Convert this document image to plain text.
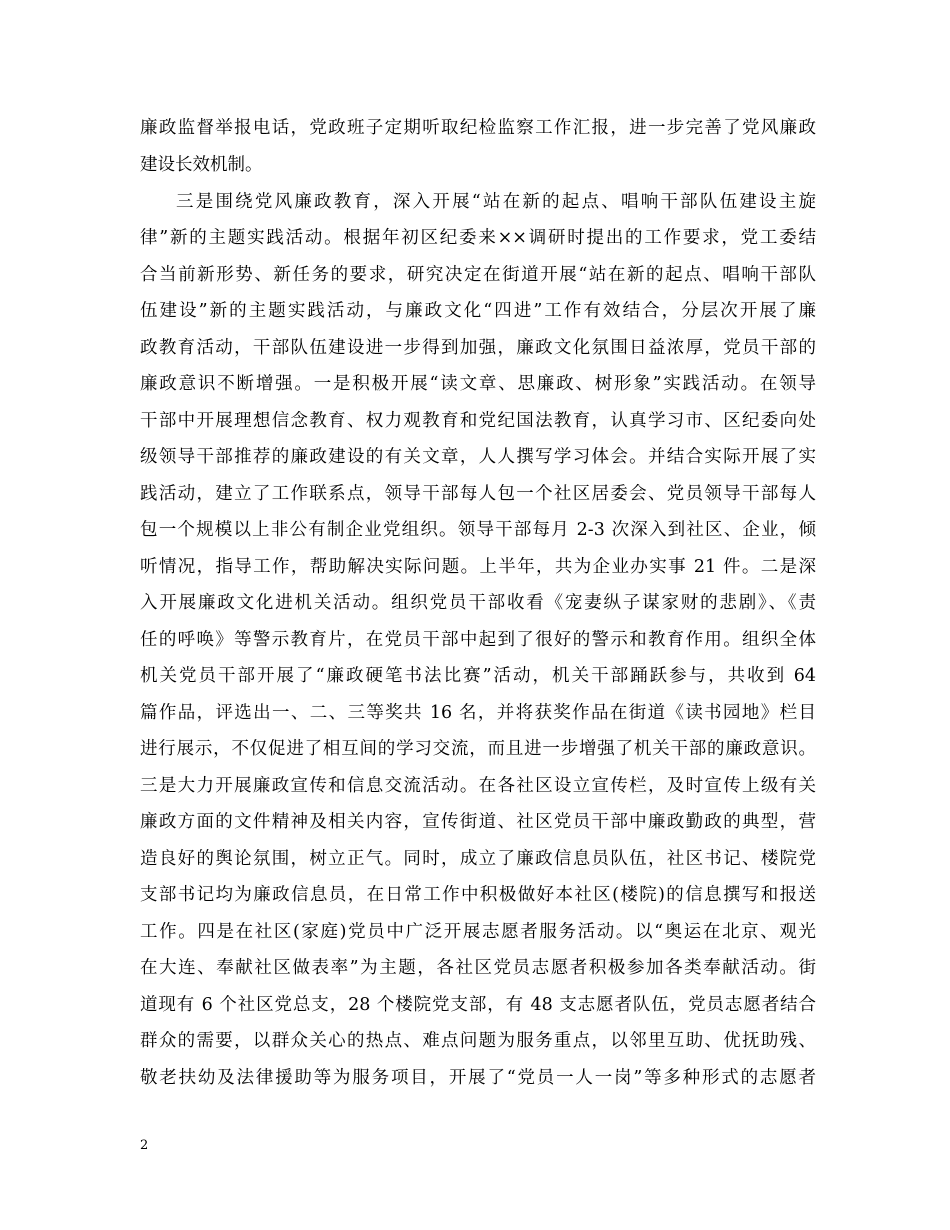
廉政监督举报电话，党政班子定期听取纪检监察工作汇报，进一步完善了党风廉政
建设长效机制。
三是围绕党风廉政教育，深入开展“站在新的起点、唱响干部队伍建设主旋
律”新的主题实践活动。根据年初区纪委来××调研时提出的工作要求，党工委结
合当前新形势、新任务的要求，研究决定在街道开展“站在新的起点、唱响干部队
伍建设”新的主题实践活动，与廉政文化“四进”工作有效结合，分层次开展了廉
政教育活动，干部队伍建设进一步得到加强，廉政文化氛围日益浓厚，党员干部的
廉政意识不断增强。一是积极开展“读文章、思廉政、树形象”实践活动。在领导
干部中开展理想信念教育、权力观教育和党纪国法教育，认真学习市、区纪委向处
级领导干部推荐的廉政建设的有关文章，人人撰写学习体会。并结合实际开展了实
践活动，建立了工作联系点，领导干部每人包一个社区居委会、党员领导干部每人
包一个规模以上非公有制企业党组织。领导干部每月 2-3 次深入到社区、企业，倾
听情况，指导工作，帮助解决实际问题。上半年，共为企业办实事 21 件。二是深
入开展廉政文化进机关活动。组织党员干部收看《宠妻纵子谋家财的悲剧》、《责
任的呼唤》等警示教育片，在党员干部中起到了很好的警示和教育作用。组织全体
机关党员干部开展了“廉政硬笔书法比赛”活动，机关干部踊跃参与，共收到 64
篇作品，评选出一、二、三等奖共 16 名，并将获奖作品在街道《读书园地》栏目
进行展示，不仅促进了相互间的学习交流，而且进一步增强了机关干部的廉政意识。
三是大力开展廉政宣传和信息交流活动。在各社区设立宣传栏，及时宣传上级有关
廉政方面的文件精神及相关内容，宣传街道、社区党员干部中廉政勤政的典型，营
造良好的舆论氛围，树立正气。同时，成立了廉政信息员队伍，社区书记、楼院党
支部书记均为廉政信息员，在日常工作中积极做好本社区(楼院)的信息撰写和报送
工作。四是在社区(家庭)党员中广泛开展志愿者服务活动。以“奥运在北京、观光
在大连、奉献社区做表率”为主题，各社区党员志愿者积极参加各类奉献活动。街
道现有 6 个社区党总支，28 个楼院党支部，有 48 支志愿者队伍，党员志愿者结合
群众的需要，以群众关心的热点、难点问题为服务重点，以邻里互助、优抚助残、
敬老扶幼及法律援助等为服务项目，开展了“党员一人一岗”等多种形式的志愿者
2
